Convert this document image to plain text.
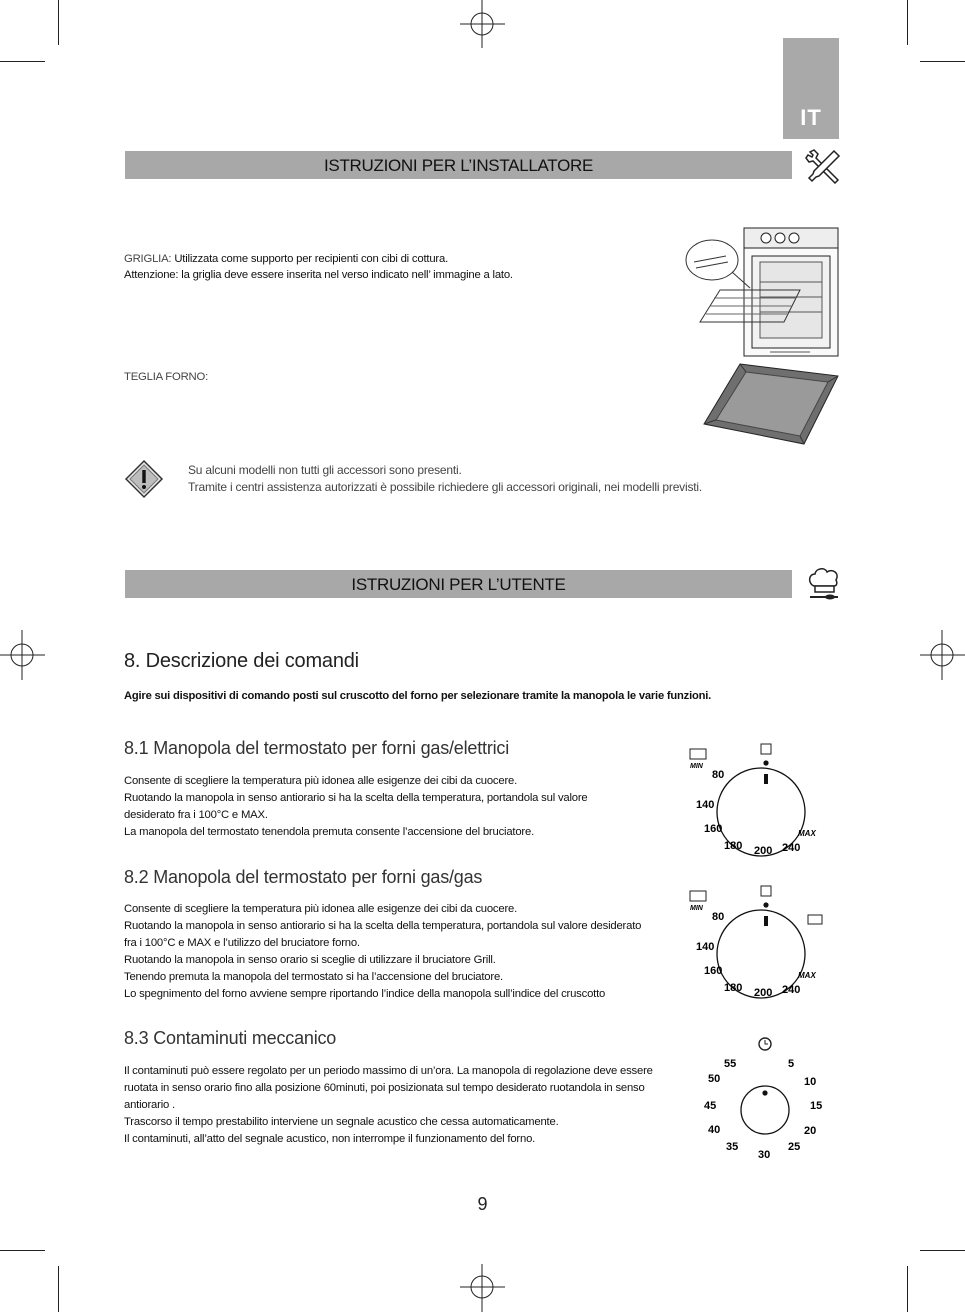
IT
ISTRUZIONI PER L’INSTALLATORE
GRIGLIA: Utilizzata come supporto per recipienti con cibi di cottura.
Attenzione: la griglia deve essere inserita nel verso indicato nell’ immagine a lato.
TEGLIA FORNO:
Su alcuni modelli non tutti gli accessori sono presenti.
Tramite i centri assistenza autorizzati è possibile richiedere gli accessori originali, nei modelli previsti.
ISTRUZIONI PER L’UTENTE
8. Descrizione dei comandi
Agire sui dispositivi di comando posti sul cruscotto del forno per selezionare tramite la manopola le varie funzioni.
8.1 Manopola del termostato per forni gas/elettrici
Consente di scegliere la temperatura più idonea alle esigenze dei cibi da cuocere.
Ruotando la manopola in senso antiorario si ha la scelta della temperatura, portandola sul valore
desiderato fra i 100°C e MAX.
La manopola del termostato tenendola premuta consente l’accensione del bruciatore.
MIN
80
140
160
180 200 240
MAX
8.2 Manopola del termostato per forni gas/gas
Consente di scegliere la temperatura più idonea alle esigenze dei cibi da cuocere.
Ruotando la manopola in senso antiorario si ha la scelta della temperatura, portandola sul valore desiderato
fra i 100°C e MAX e l’utilizzo del bruciatore forno.
Ruotando la manopola in senso orario si sceglie di utilizzare il bruciatore Grill.
Tenendo premuta la manopola del termostato si ha l’accensione del bruciatore.
Lo spegnimento del forno avviene sempre riportando l’indice della manopola sull’indice del cruscotto
MIN
80
140
160
180 200 240
MAX
8.3 Contaminuti meccanico
Il contaminuti può essere regolato per un periodo massimo di un’ora. La manopola di regolazione deve essere
ruotata in senso orario fino alla posizione 60minuti, poi posizionata sul tempo desiderato ruotandola in senso
antiorario .
Trascorso il tempo prestabilito interviene un segnale acustico che cessa automaticamente.
Il contaminuti, all’atto del segnale acustico, non interrompe il funzionamento del forno.
5
10
15
20
25
30
35
40
45
50
55
9
